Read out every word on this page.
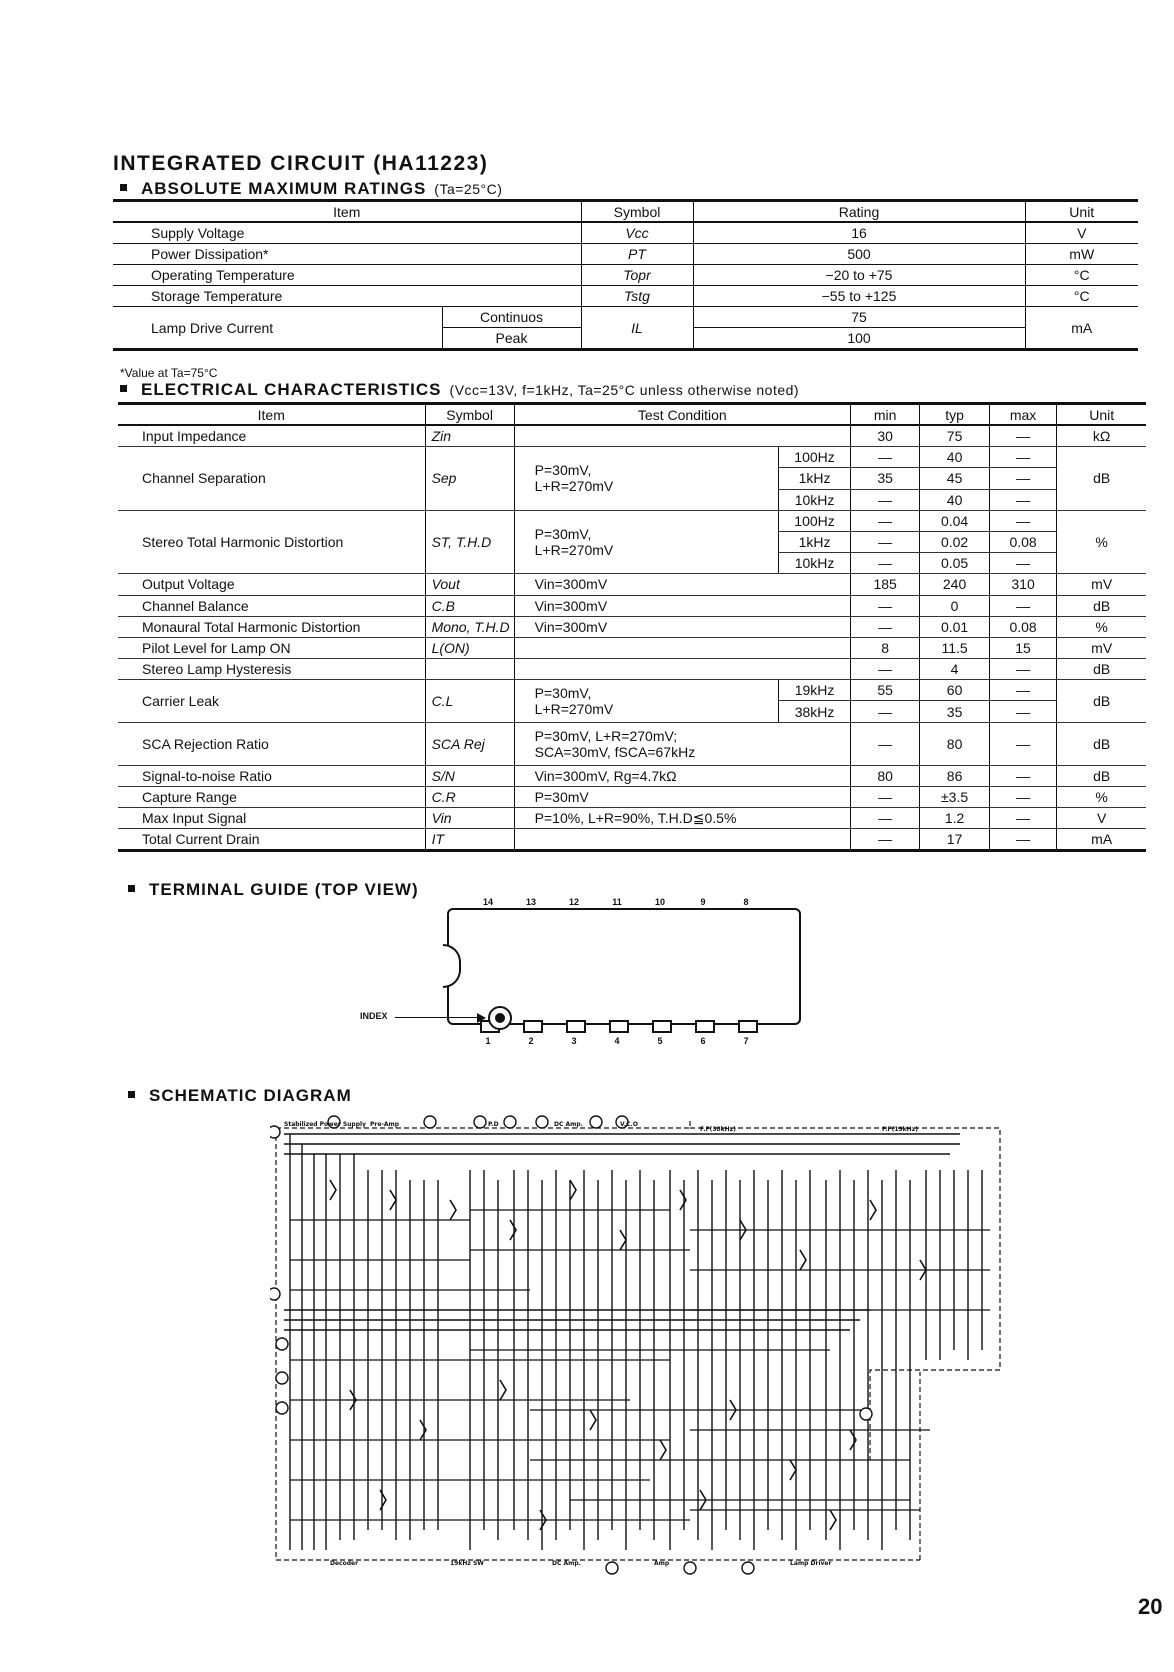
INTEGRATED CIRCUIT (HA11223)
ABSOLUTE MAXIMUM RATINGS (Ta=25°C)
Item		Symbol	Rating	Unit
Supply Voltage		Vcc	16	V
Power Dissipation*		PT	500	mW
Operating Temperature		Topr	−20 to +75	°C
Storage Temperature		Tstg	−55 to +125	°C
Lamp Drive Current	Continuos	IL	75	mA
	Peak		100	
*Value at Ta=75°C
ELECTRICAL CHARACTERISTICS (Vcc=13V, f=1kHz, Ta=25°C unless otherwise noted)
Item	Symbol	Test Condition		min	typ	max	Unit
Input Impedance	Zin			30	75	—	kΩ
Channel Separation	Sep	P=30mV,
L+R=270mV	100Hz	—	40	—	dB
			1kHz	35	45	—	
			10kHz	—	40	—	
Stereo Total Harmonic Distortion	ST, T.H.D	P=30mV,
L+R=270mV	100Hz	—	0.04	—	%
			1kHz	—	0.02	0.08	
			10kHz	—	0.05	—	
Output Voltage	Vout	Vin=300mV		185	240	310	mV
Channel Balance	C.B	Vin=300mV		—	0	—	dB
Monaural Total Harmonic Distortion	Mono, T.H.D	Vin=300mV		—	0.01	0.08	%
Pilot Level for Lamp ON	L(ON)			8	11.5	15	mV
Stereo Lamp Hysteresis				—	4	—	dB
Carrier Leak	C.L	P=30mV,
L+R=270mV	19kHz	55	60	—	dB
			38kHz	—	35	—	
SCA Rejection Ratio	SCA Rej	P=30mV, L+R=270mV;
SCA=30mV, fSCA=67kHz		—	80	—	dB
Signal-to-noise Ratio	S/N	Vin=300mV, Rg=4.7kΩ		80	86	—	dB
Capture Range	C.R	P=30mV		—	±3.5	—	%
Max Input Signal	Vin	P=10%, L+R=90%, T.H.D≦0.5%		—	1.2	—	V
Total Current Drain	IT			—	17	—	mA
TERMINAL GUIDE (TOP VIEW)
14	13	12	11	10	9	8
1	2	3	4	5	6	7
INDEX
SCHEMATIC DIAGRAM
Stabilized Power Supply Pre-Amp	P.D	DC Amp.	V.C.O
F.F(38kHz)	F.F(19kHz)
Decoder	19kHz SW	DC Amp.	Amp	Lamp Driver
20
